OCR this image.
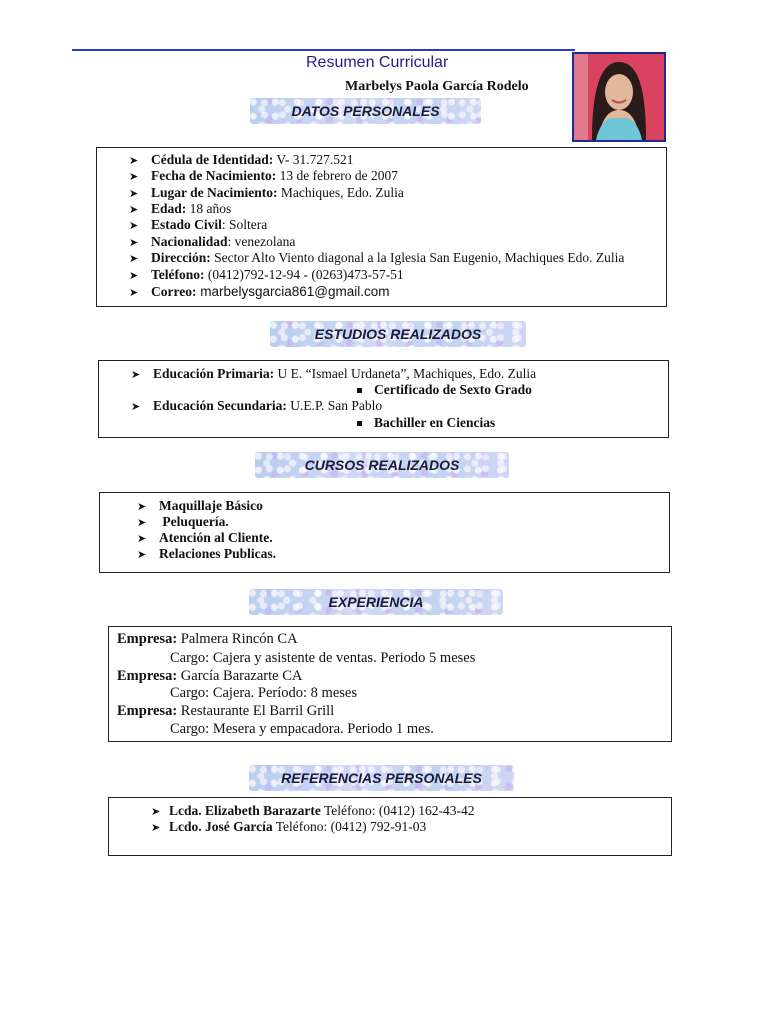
Resumen Curricular
Marbelys Paola García Rodelo
DATOS PERSONALES
➤ Cédula de Identidad: V- 31.727.521
➤ Fecha de Nacimiento: 13 de febrero de 2007
➤ Lugar de Nacimiento: Machiques, Edo. Zulia
➤ Edad: 18 años
➤ Estado Civil: Soltera
➤ Nacionalidad: venezolana
➤ Dirección: Sector Alto Viento diagonal a la Iglesia San Eugenio, Machiques Edo. Zulia
➤ Teléfono: (0412)792-12-94 - (0263)473-57-51
➤ Correo: marbelysgarcia861@gmail.com
ESTUDIOS REALIZADOS
➤ Educación Primaria: U E. “Ismael Urdaneta”, Machiques, Edo. Zulia
Certificado de Sexto Grado
➤ Educación Secundaria: U.E.P. San Pablo
Bachiller en Ciencias
CURSOS REALIZADOS
➤ Maquillaje Básico
➤ Peluquería.
➤ Atención al Cliente.
➤ Relaciones Publicas.
EXPERIENCIA
Empresa: Palmera Rincón CA
Cargo: Cajera y asistente de ventas. Periodo 5 meses
Empresa: García Barazarte CA
Cargo: Cajera. Período: 8 meses
Empresa: Restaurante El Barril Grill
Cargo: Mesera y empacadora. Periodo 1 mes.
REFERENCIAS PERSONALES
➤ Lcda. Elizabeth Barazarte Teléfono: (0412) 162-43-42
➤ Lcdo. José García Teléfono: (0412) 792-91-03
